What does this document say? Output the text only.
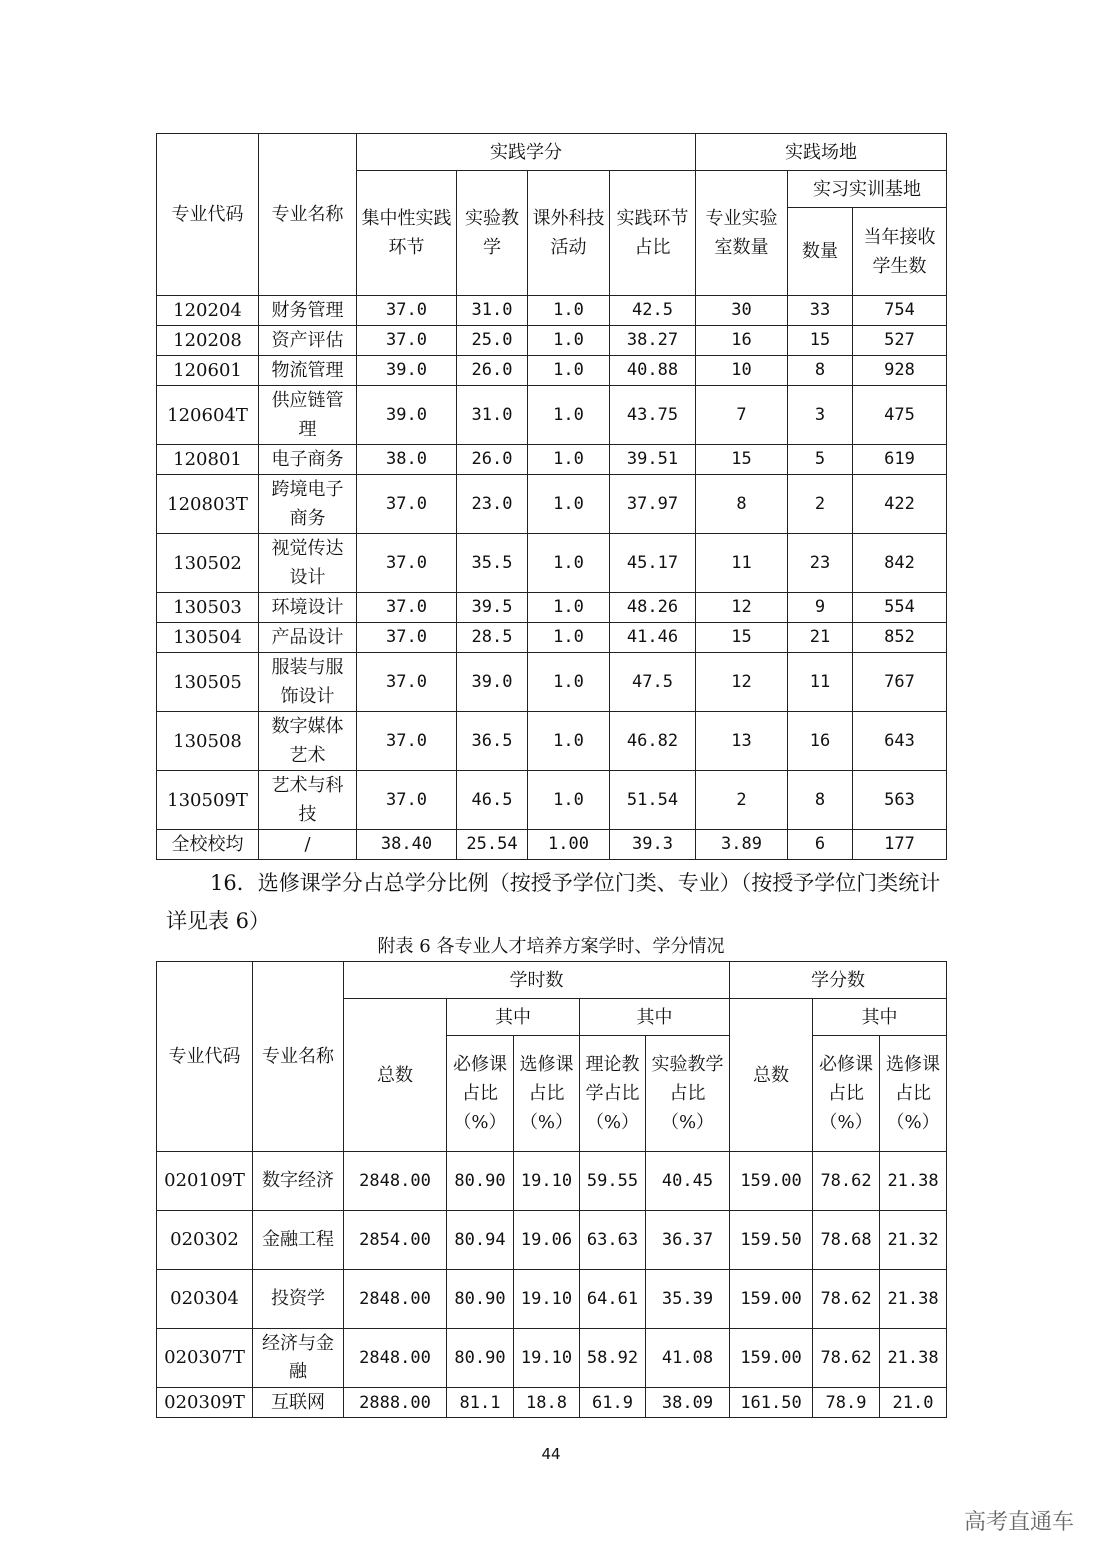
专业代码	专业名称	实践学分				实践场地		
		集中性实践环节	实验教学	课外科技活动	实践环节占比	专业实验室数量	实习实训基地	
							数量	当年接收学生数
120204	财务管理	37.0	31.0	1.0	42.5	30	33	754
120208	资产评估	37.0	25.0	1.0	38.27	16	15	527
120601	物流管理	39.0	26.0	1.0	40.88	10	8	928
120604T	供应链管理	39.0	31.0	1.0	43.75	7	3	475
120801	电子商务	38.0	26.0	1.0	39.51	15	5	619
120803T	跨境电子商务	37.0	23.0	1.0	37.97	8	2	422
130502	视觉传达设计	37.0	35.5	1.0	45.17	11	23	842
130503	环境设计	37.0	39.5	1.0	48.26	12	9	554
130504	产品设计	37.0	28.5	1.0	41.46	15	21	852
130505	服装与服饰设计	37.0	39.0	1.0	47.5	12	11	767
130508	数字媒体艺术	37.0	36.5	1.0	46.82	13	16	643
130509T	艺术与科技	37.0	46.5	1.0	51.54	2	8	563
全校校均	/	38.40	25.54	1.00	39.3	3.89	6	177

16．选修课学分占总学分比例（按授予学位门类、专业）（按授予学位门类统计详见表 6）

附表 6 各专业人才培养方案学时、学分情况

专业代码	专业名称	学时数					学分数		
		总数	其中		其中		总数	其中	
			必修课占比（%）	选修课占比（%）	理论教学占比（%）	实验教学占比（%）		必修课占比（%）	选修课占比（%）
020109T	数字经济	2848.00	80.90	19.10	59.55	40.45	159.00	78.62	21.38
020302	金融工程	2854.00	80.94	19.06	63.63	36.37	159.50	78.68	21.32
020304	投资学	2848.00	80.90	19.10	64.61	35.39	159.00	78.62	21.38
020307T	经济与金融	2848.00	80.90	19.10	58.92	41.08	159.00	78.62	21.38
020309T	互联网	2888.00	81.1	18.8	61.9	38.09	161.50	78.9	21.0
44
高考直通车
